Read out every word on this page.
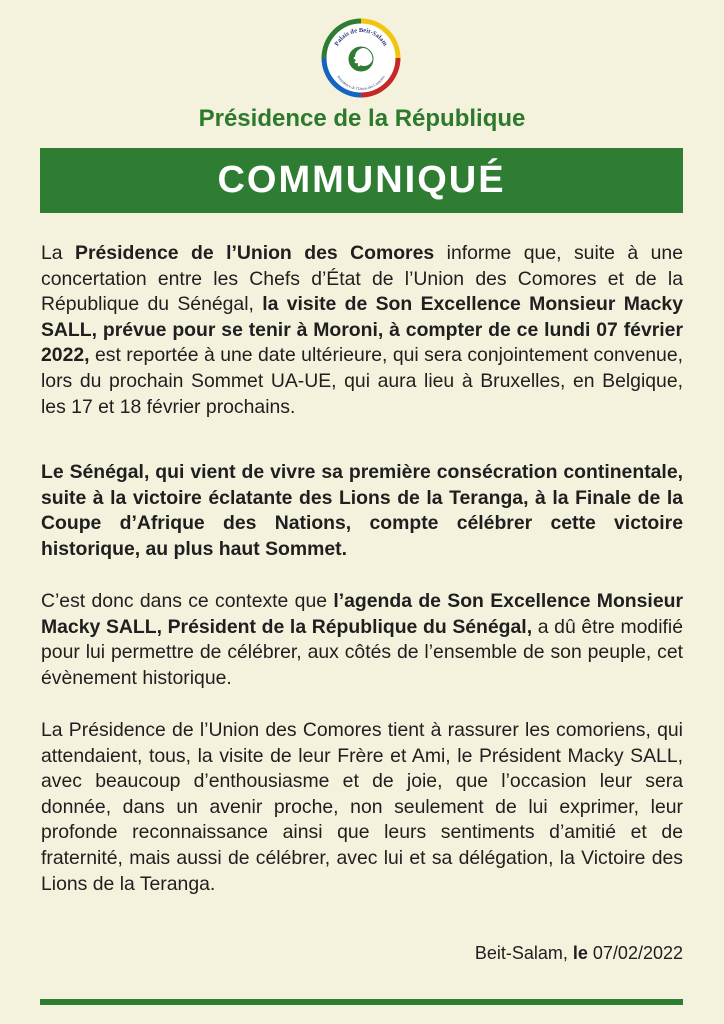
Palais de Beit-Salam
Présidence de l'Union des Comores
Présidence de la République
COMMUNIQUÉ
La Présidence de l’Union des Comores informe que, suite à une concertation entre les Chefs d’État de l’Union des Comores et de la République du Sénégal, la visite de Son Excellence Monsieur Macky SALL, prévue pour se tenir à Moroni, à compter de ce lundi 07 février 2022, est reportée à une date ultérieure, qui sera conjointement convenue, lors du prochain Sommet UA-UE, qui aura lieu à Bruxelles, en Belgique, les 17 et 18 février prochains.
Le Sénégal, qui vient de vivre sa première consécration continentale, suite à la victoire éclatante des Lions de la Teranga, à la Finale de la Coupe d’Afrique des Nations, compte célébrer cette victoire historique, au plus haut Sommet.
C’est donc dans ce contexte que l’agenda de Son Excellence Monsieur Macky SALL, Président de la République du Sénégal, a dû être modifié pour lui permettre de célébrer, aux côtés de l’ensemble de son peuple, cet évènement historique.
La Présidence de l’Union des Comores tient à rassurer les comoriens, qui attendaient, tous, la visite de leur Frère et Ami, le Président Macky SALL, avec beaucoup d’enthousiasme et de joie, que l’occasion leur sera donnée, dans un avenir proche, non seulement de lui exprimer, leur profonde reconnaissance ainsi que leurs sentiments d’amitié et de fraternité, mais aussi de célébrer, avec lui et sa délégation, la Victoire des Lions de la Teranga.
Beit-Salam, le 07/02/2022
